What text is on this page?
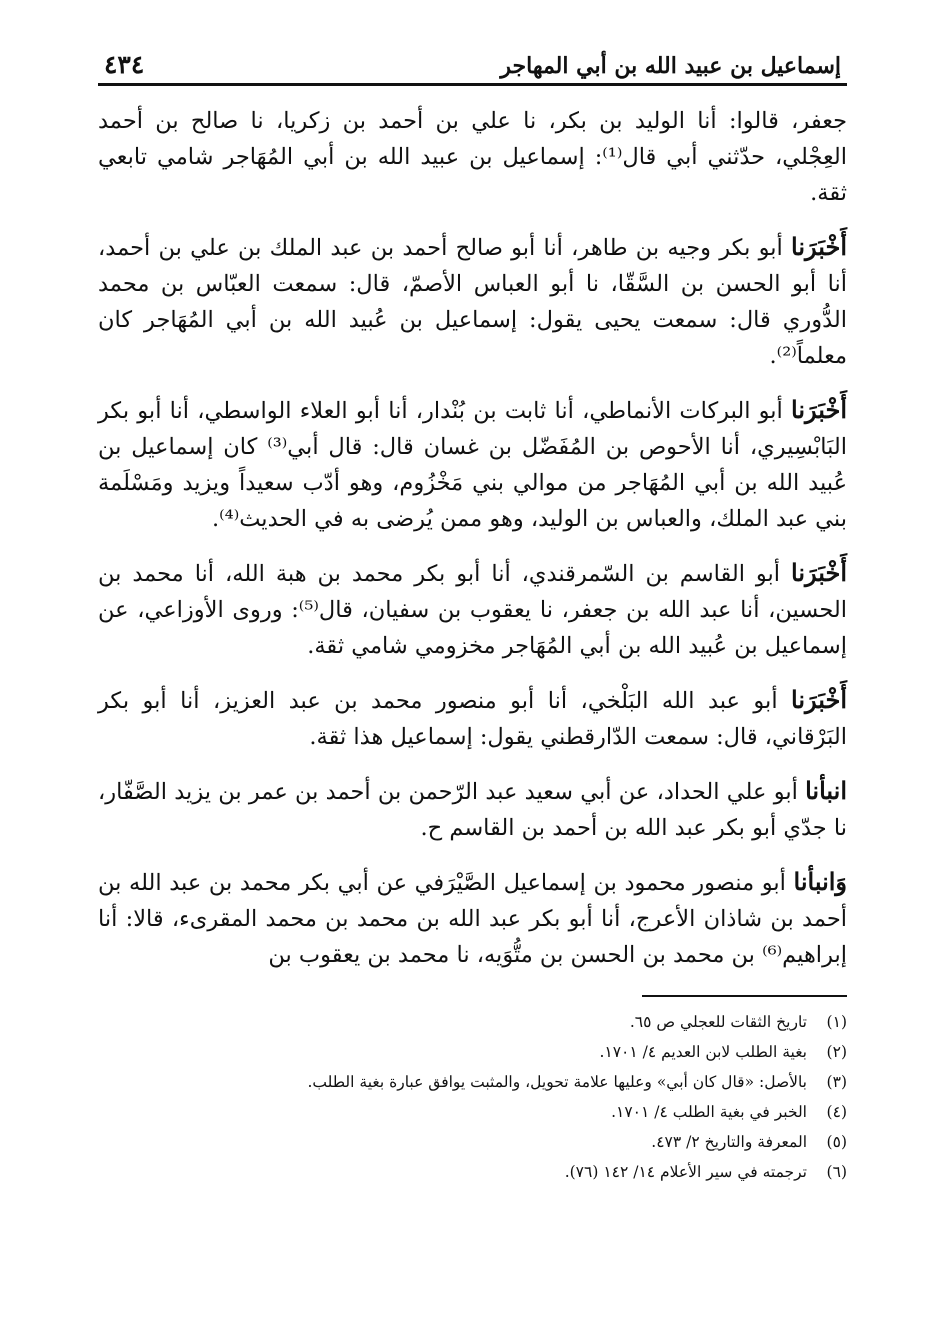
٤٣٤	إسماعيل بن عبيد الله بن أبي المهاجر

جعفر، قالوا: أنا الوليد بن بكر، نا علي بن أحمد بن زكريا، نا صالح بن أحمد العِجْلي، حدّثني أبي قال⁽¹⁾: إسماعيل بن عبيد الله بن أبي المُهَاجر شامي تابعي ثقة.

أَخْبَرَنا أبو بكر وجيه بن طاهر، أنا أبو صالح أحمد بن عبد الملك بن علي بن أحمد، أنا أبو الحسن بن السَّقّا، نا أبو العباس الأصمّ، قال: سمعت العبّاس بن محمد الدُّوري قال: سمعت يحيى يقول: إسماعيل بن عُبيد الله بن أبي المُهَاجر كان معلماً⁽²⁾.

أَخْبَرَنا أبو البركات الأنماطي، أنا ثابت بن بُنْدار، أنا أبو العلاء الواسطي، أنا أبو بكر البَابْسِيري، أنا الأحوص بن المُفَضّل بن غسان قال: قال أبي⁽³⁾ كان إسماعيل بن عُبيد الله بن أبي المُهَاجر من موالي بني مَخْزُوم، وهو أدّب سعيداً ويزيد ومَسْلَمة بني عبد الملك، والعباس بن الوليد، وهو ممن يُرضى به في الحديث⁽⁴⁾.

أَخْبَرَنا أبو القاسم بن السّمرقندي، أنا أبو بكر محمد بن هبة الله، أنا محمد بن الحسين، أنا عبد الله بن جعفر، نا يعقوب بن سفيان، قال⁽⁵⁾: وروى الأوزاعي، عن إسماعيل بن عُبيد الله بن أبي المُهَاجر مخزومي شامي ثقة.

أَخْبَرَنا أبو عبد الله البَلْخي، أنا أبو منصور محمد بن عبد العزيز، أنا أبو بكر البَرْقاني، قال: سمعت الدّارقطني يقول: إسماعيل هذا ثقة.

انبأنا أبو علي الحداد، عن أبي سعيد عبد الرّحمن بن أحمد بن عمر بن يزيد الصَّفّار، نا جدّي أبو بكر عبد الله بن أحمد بن القاسم ح.

وَانبأنا أبو منصور محمود بن إسماعيل الصَّيْرَفي عن أبي بكر محمد بن عبد الله بن أحمد بن شاذان الأعرج، أنا أبو بكر عبد الله بن محمد بن محمد المقرىء، قالا: أنا إبراهيم⁽⁶⁾ بن محمد بن الحسن بن متُّوَيه، نا محمد بن يعقوب بن

(١)
تاريخ الثقات للعجلي ص ٦٥.
(٢)
بغية الطلب لابن العديم ٤/ ١٧٠١.
(٣)
بالأصل: «قال كان أبي» وعليها علامة تحويل، والمثبت يوافق عبارة بغية الطلب.
(٤)
الخبر في بغية الطلب ٤/ ١٧٠١.
(٥)
المعرفة والتاريخ ٢/ ٤٧٣.
(٦)
ترجمته في سير الأعلام ١٤/ ١٤٢ (٧٦).
